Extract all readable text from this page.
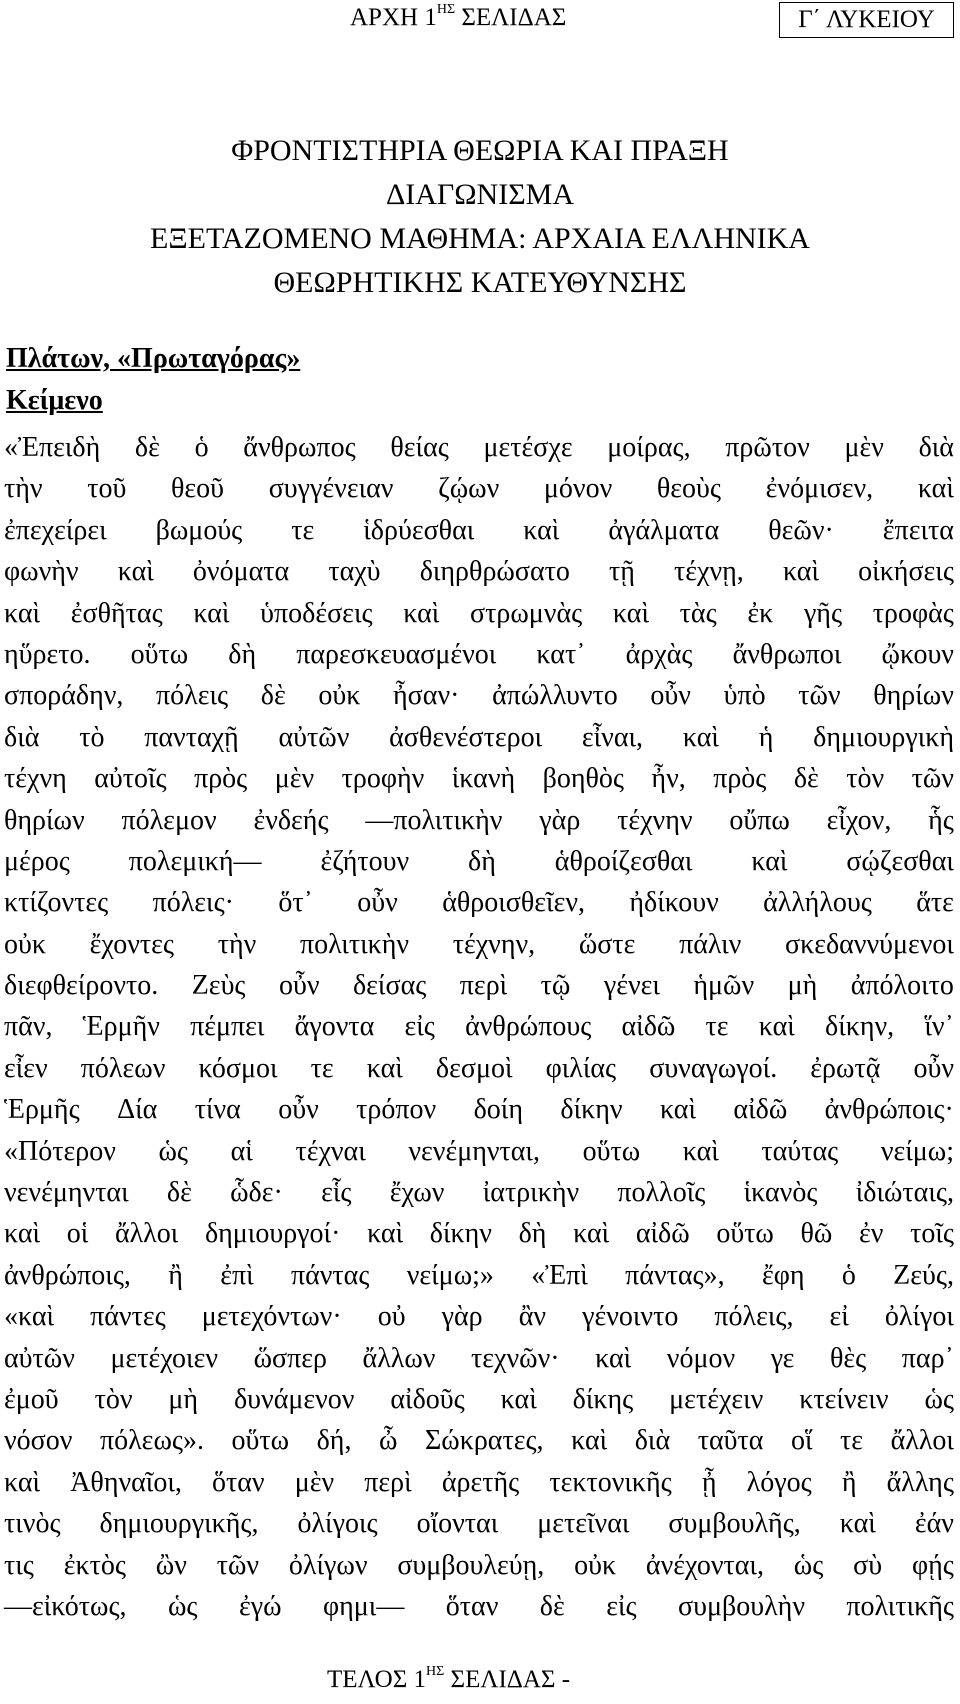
ΑΡΧΗ $1^{H\Sigma}$ ΣΕΛΙΔΑΣ	Γ΄ ΛΥΚΕΙΟΥ
ΦΡΟΝΤΙΣΤΗΡΙΑ ΘΕΩΡΙΑ ΚΑΙ ΠΡΑΞΗ
ΔΙΑΓΩΝΙΣΜΑ
ΕΞΕΤΑΖΟΜΕΝΟ ΜΑΘΗΜΑ: ΑΡΧΑΙΑ ΕΛΛΗΝΙΚΑ
ΘΕΩΡΗΤΙΚΗΣ ΚΑΤΕΥΘΥΝΣΗΣ
Πλάτων, «Πρωταγόρας»
Κείμενο
«Ἐπειδὴ δὲ ὁ ἄνθρωπος θείας μετέσχε μοίρας, πρῶτον μὲν διὰ
τὴν τοῦ θεοῦ συγγένειαν ζῴων μόνον θεοὺς ἐνόμισεν, καὶ
ἐπεχείρει βωμούς τε ἱδρύεσθαι καὶ ἀγάλματα θεῶν· ἔπειτα
φωνὴν καὶ ὀνόματα ταχὺ διηρθρώσατο τῇ τέχνῃ, καὶ οἰκήσεις
καὶ ἐσθῆτας καὶ ὑποδέσεις καὶ στρωμνὰς καὶ τὰς ἐκ γῆς τροφὰς
ηὕρετο. οὕτω δὴ παρεσκευασμένοι κατ᾽ ἀρχὰς ἄνθρωποι ᾤκουν
σποράδην, πόλεις δὲ οὐκ ἦσαν· ἀπώλλυντο οὖν ὑπὸ τῶν θηρίων
διὰ τὸ πανταχῇ αὐτῶν ἀσθενέστεροι εἶναι, καὶ ἡ δημιουργικὴ
τέχνη αὐτοῖς πρὸς μὲν τροφὴν ἱκανὴ βοηθὸς ἦν, πρὸς δὲ τὸν τῶν
θηρίων πόλεμον ἐνδεής —πολιτικὴν γὰρ τέχνην οὔπω εἶχον, ἧς
μέρος πολεμική— ἐζήτουν δὴ ἁθροίζεσθαι καὶ σῴζεσθαι
κτίζοντες πόλεις· ὅτ᾽ οὖν ἁθροισθεῖεν, ἠδίκουν ἀλλήλους ἅτε
οὐκ ἔχοντες τὴν πολιτικὴν τέχνην, ὥστε πάλιν σκεδαννύμενοι
διεφθείροντο. Ζεὺς οὖν δείσας περὶ τῷ γένει ἡμῶν μὴ ἀπόλοιτο
πᾶν, Ἑρμῆν πέμπει ἄγοντα εἰς ἀνθρώπους αἰδῶ τε καὶ δίκην, ἵν᾽
εἶεν πόλεων κόσμοι τε καὶ δεσμοὶ φιλίας συναγωγοί. ἐρωτᾷ οὖν
Ἑρμῆς Δία τίνα οὖν τρόπον δοίη δίκην καὶ αἰδῶ ἀνθρώποις·
«Πότερον ὡς αἱ τέχναι νενέμηνται, οὕτω καὶ ταύτας νείμω;
νενέμηνται δὲ ὧδε· εἷς ἔχων ἰατρικὴν πολλοῖς ἱκανὸς ἰδιώταις,
καὶ οἱ ἄλλοι δημιουργοί· καὶ δίκην δὴ καὶ αἰδῶ οὕτω θῶ ἐν τοῖς
ἀνθρώποις, ἢ ἐπὶ πάντας νείμω;» «Ἐπὶ πάντας», ἔφη ὁ Ζεύς,
«καὶ πάντες μετεχόντων· οὐ γὰρ ἂν γένοιντο πόλεις, εἰ ὀλίγοι
αὐτῶν μετέχοιεν ὥσπερ ἄλλων τεχνῶν· καὶ νόμον γε θὲς παρ᾽
ἐμοῦ τὸν μὴ δυνάμενον αἰδοῦς καὶ δίκης μετέχειν κτείνειν ὡς
νόσον πόλεως». οὕτω δή, ὦ Σώκρατες, καὶ διὰ ταῦτα οἵ τε ἄλλοι
καὶ Ἀθηναῖοι, ὅταν μὲν περὶ ἀρετῆς τεκτονικῆς ᾖ λόγος ἢ ἄλλης
τινὸς δημιουργικῆς, ὀλίγοις οἴονται μετεῖναι συμβουλῆς, καὶ ἐάν
τις ἐκτὸς ὢν τῶν ὀλίγων συμβουλεύῃ, οὐκ ἀνέχονται, ὡς σὺ φῄς
—εἰκότως, ὡς ἐγώ φημι— ὅταν δὲ εἰς συμβουλὴν πολιτικῆς
ΤΕΛΟΣ $1^{H\Sigma}$ ΣΕΛΙΔΑΣ -
